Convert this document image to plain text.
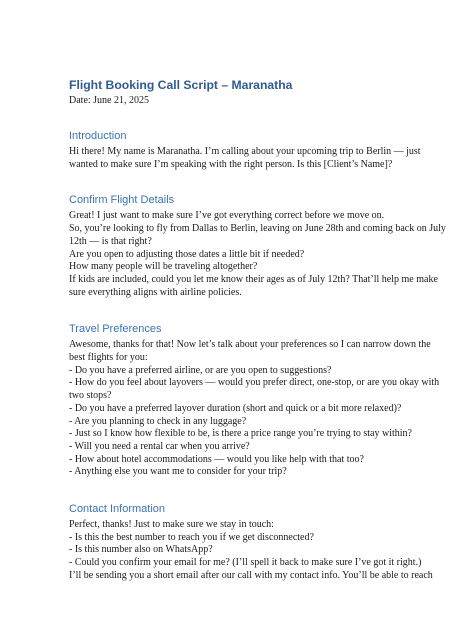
Flight Booking Call Script – Maranatha
Date: June 21, 2025
Introduction
Hi there! My name is Maranatha. I’m calling about your upcoming trip to Berlin — just
wanted to make sure I’m speaking with the right person. Is this [Client’s Name]?
Confirm Flight Details
Great! I just want to make sure I’ve got everything correct before we move on.
So, you’re looking to fly from Dallas to Berlin, leaving on June 28th and coming back on July
12th — is that right?
Are you open to adjusting those dates a little bit if needed?
How many people will be traveling altogether?
If kids are included, could you let me know their ages as of July 12th? That’ll help me make
sure everything aligns with airline policies.
Travel Preferences
Awesome, thanks for that! Now let’s talk about your preferences so I can narrow down the
best flights for you:
- Do you have a preferred airline, or are you open to suggestions?
- How do you feel about layovers — would you prefer direct, one-stop, or are you okay with
two stops?
- Do you have a preferred layover duration (short and quick or a bit more relaxed)?
- Are you planning to check in any luggage?
- Just so I know how flexible to be, is there a price range you’re trying to stay within?
- Will you need a rental car when you arrive?
- How about hotel accommodations — would you like help with that too?
- Anything else you want me to consider for your trip?
Contact Information
Perfect, thanks! Just to make sure we stay in touch:
- Is this the best number to reach you if we get disconnected?
- Is this number also on WhatsApp?
- Could you confirm your email for me? (I’ll spell it back to make sure I’ve got it right.)
I’ll be sending you a short email after our call with my contact info. You’ll be able to reach
